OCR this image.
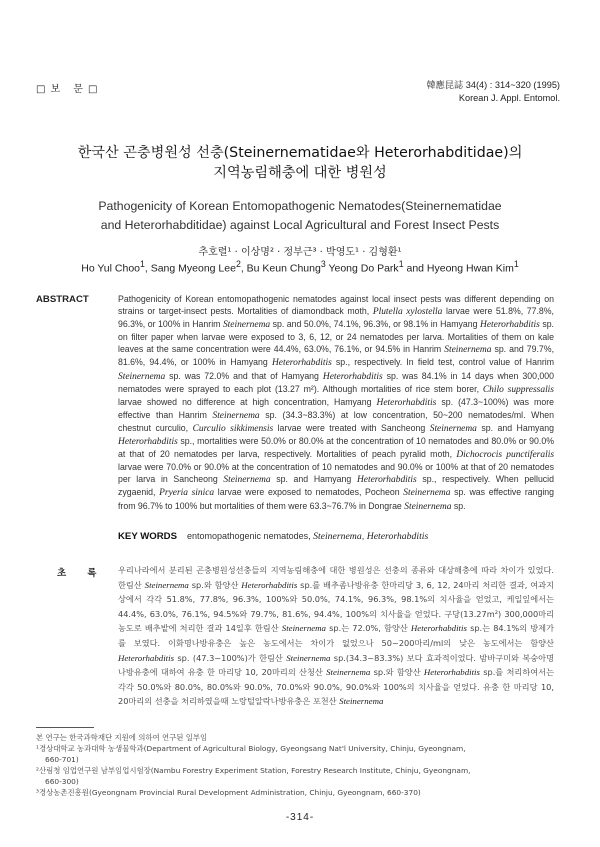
□보 문□	韓應昆誌 34(4) : 314~320 (1995)
Korean J. Appl. Entomol.
한국산 곤충병원성 선충(Steinernematidae와 Heterorhabditidae)의
지역농림해충에 대한 병원성
Pathogenicity of Korean Entomopathogenic Nematodes(Steinernematidae
and Heterorhabditidae) against Local Agricultural and Forest Insect Pests
추호렬¹ · 이상명² · 정부근³ · 박영도¹ · 김형환¹
Ho Yul Choo$^1$, Sang Myeong Lee$^2$, Bu Keun Chung$^3$ Yeong Do Park$^1$ and Hyeong Hwan Kim$^1$
ABSTRACT	Pathogenicity of Korean entomopathogenic nematodes against local insect pests was different depending on strains or target-insect pests. Mortalities of diamondback moth, Plutella xylostella larvae were 51.8%, 77.8%, 96.3%, or 100% in Hanrim Steinernema sp. and 50.0%, 74.1%, 96.3%, or 98.1% in Hamyang Heterorhabditis sp. on filter paper when larvae were exposed to 3, 6, 12, or 24 nematodes per larva. Mortalities of them on kale leaves at the same concentration were 44.4%, 63.0%, 76.1%, or 94.5% in Hanrim Steinernema sp. and 79.7%, 81.6%, 94.4%, or 100% in Hamyang Heterorhabditis sp., respectively. In field test, control value of Hanrim Steinernema sp. was 72.0% and that of Hamyang Heterorhabditis sp. was 84.1% in 14 days when 300,000 nematodes were sprayed to each plot (13.27 m²). Although mortalities of rice stem borer, Chilo suppressalis larvae showed no difference at high concentration, Hamyang Heterorhabditis sp. (47.3~100%) was more effective than Hanrim Steinernema sp. (34.3~83.3%) at low concentration, 50~200 nematodes/ml. When chestnut curculio, Curculio sikkimensis larvae were treated with Sancheong Steinernema sp. and Hamyang Heterorhabditis sp., mortalities were 50.0% or 80.0% at the concentration of 10 nematodes and 80.0% or 90.0% at that of 20 nematodes per larva, respectively. Mortalities of peach pyralid moth, Dichocrocis punctiferalis larvae were 70.0% or 90.0% at the concentration of 10 nematodes and 90.0% or 100% at that of 20 nematodes per larva in Sancheong Steinernema sp. and Hamyang Heterorhabditis sp., respectively. When pellucid zygaenid, Pryeria sinica larvae were exposed to nematodes, Pocheon Steinernema sp. was effective ranging from 96.7% to 100% but mortalities of them were 63.3~76.7% in Dongrae Steinernema sp.
KEY WORDS entomopathogenic nematodes, Steinernema, Heterorhabditis
초 록	우리나라에서 분리된 곤충병원성선충들의 지역농림해충에 대한 병원성은 선충의 종류와 대상해충에 따라 차이가 있었다. 한림산 Steinernema sp.와 함양산 Heterorhabditis sp.를 배추좀나방유충 한마리당 3, 6, 12, 24마리 처리한 결과, 여과지상에서 각각 51.8%, 77.8%, 96.3%, 100%와 50.0%, 74.1%, 96.3%, 98.1%의 치사율을 얻었고, 케일잎에서는 44.4%, 63.0%, 76.1%, 94.5%와 79.7%, 81.6%, 94.4%, 100%의 치사율을 얻었다. 구당(13.27m²) 300,000마리 농도로 배추밭에 처리한 결과 14일후 한림산 Steinernema sp.는 72.0%, 함양산 Heterorhabditis sp.는 84.1%의 방제가를 보였다. 이화명나방유충은 높은 농도에서는 차이가 없었으나 50~200마리/ml의 낮은 농도에서는 함양산 Heterorhabditis sp. (47.3~100%)가 한림산 Steinernema sp.(34.3~83.3%) 보다 효과적이었다. 밤바구미와 복숭아명나방유충에 대하여 유충 한 마리당 10, 20마리의 산청산 Steinernema sp.와 함양산 Heterorhabditis sp.를 처리하여서는 각각 50.0%와 80.0%, 80.0%와 90.0%, 70.0%와 90.0%, 90.0%와 100%의 치사율을 얻었다. 유충 한 마리당 10, 20마리의 선충을 처리하였을때 노랑털알락나방유충은 포천산 Steinernema
본 연구는 한국과학재단 지원에 의하여 연구된 일부임
¹경상대학교 농과대학 농생물학과(Department of Agricultural Biology, Gyeongsang Nat'l University, Chinju, Gyeongnam,
660-701)
²산림청 임업연구원 남부임업시험장(Nambu Forestry Experiment Station, Forestry Research Institute, Chinju, Gyeongnam,
660-300)
³경상농촌진흥원(Gyeongnam Provincial Rural Development Administration, Chinju, Gyeongnam, 660-370)
-314-
